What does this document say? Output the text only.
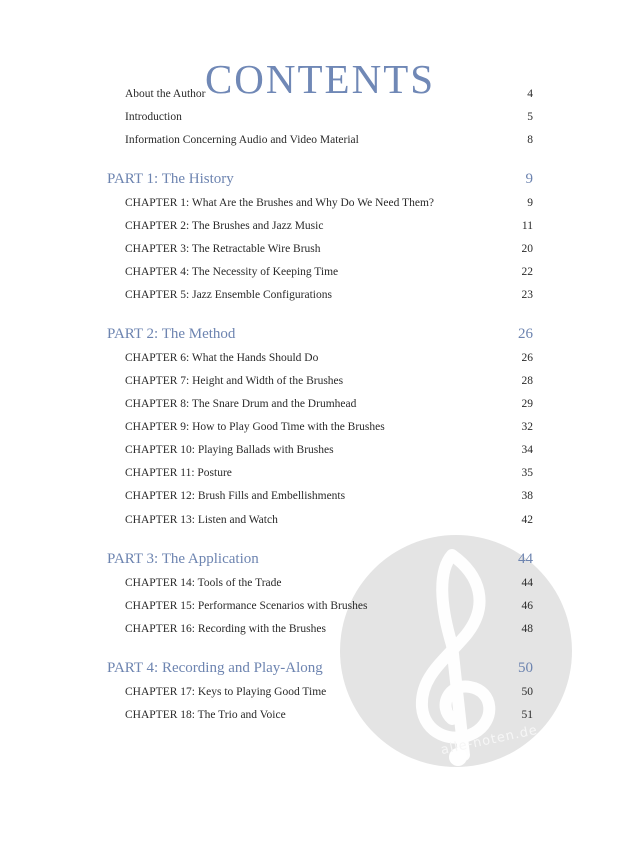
alle-noten.de
CONTENTS
About the Author	4
Introduction	5
Information Concerning Audio and Video Material	8
PART 1: The History	9
CHAPTER 1: What Are the Brushes and Why Do We Need Them?	9
CHAPTER 2: The Brushes and Jazz Music	11
CHAPTER 3: The Retractable Wire Brush	20
CHAPTER 4: The Necessity of Keeping Time	22
CHAPTER 5: Jazz Ensemble Configurations	23
PART 2: The Method	26
CHAPTER 6: What the Hands Should Do	26
CHAPTER 7: Height and Width of the Brushes	28
CHAPTER 8: The Snare Drum and the Drumhead	29
CHAPTER 9: How to Play Good Time with the Brushes	32
CHAPTER 10: Playing Ballads with Brushes	34
CHAPTER 11: Posture	35
CHAPTER 12: Brush Fills and Embellishments	38
CHAPTER 13: Listen and Watch	42
PART 3: The Application	44
CHAPTER 14: Tools of the Trade	44
CHAPTER 15: Performance Scenarios with Brushes	46
CHAPTER 16: Recording with the Brushes	48
PART 4: Recording and Play-Along	50
CHAPTER 17: Keys to Playing Good Time	50
CHAPTER 18: The Trio and Voice	51
